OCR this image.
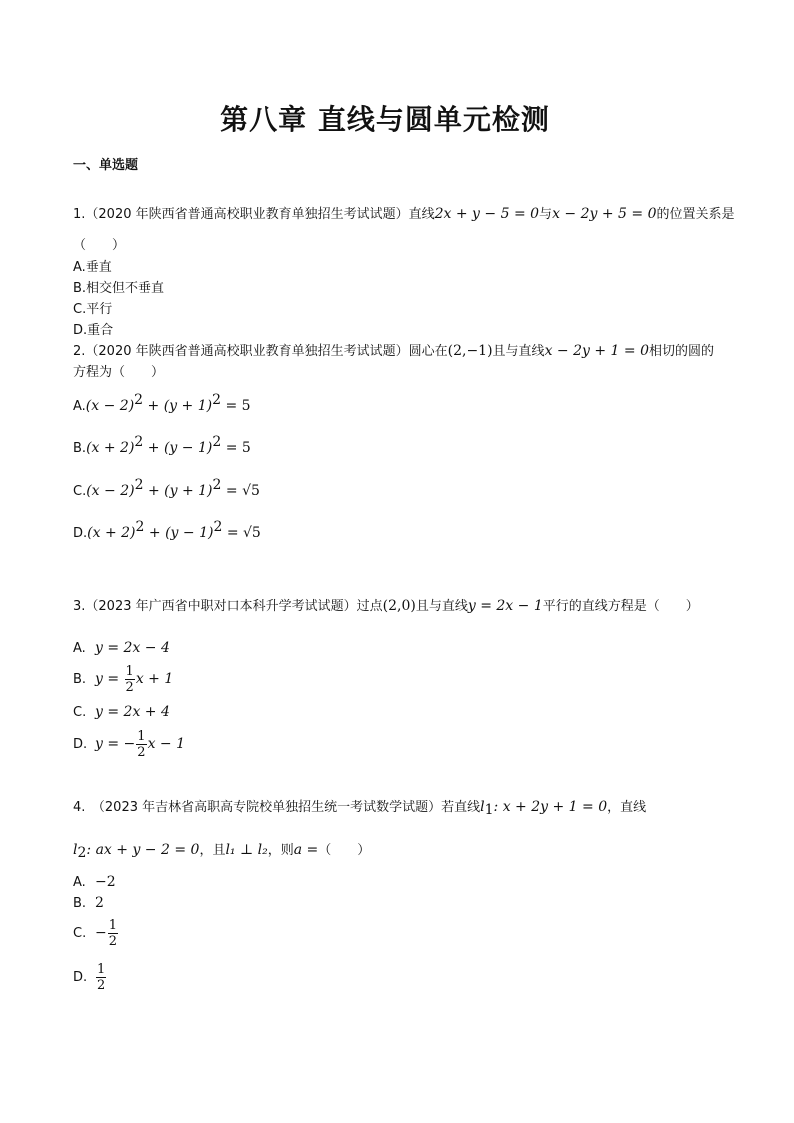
第八章 直线与圆单元检测
一、单选题
1.（2020 年陕西省普通高校职业教育单独招生考试试题）直线2x + y − 5 = 0与x − 2y + 5 = 0的位置关系是
（　　）
A.垂直
B.相交但不垂直
C.平行
D.重合
2.（2020 年陕西省普通高校职业教育单独招生考试试题）圆心在(2,−1)且与直线x − 2y + 1 = 0相切的圆的
方程为（　　）
$A.(x - 2)^2 + (y + 1)^2 = 5$
$B.(x + 2)^2 + (y - 1)^2 = 5$
$C.(x - 2)^2 + (y + 1)^2 = √5$
$D.(x + 2)^2 + (y - 1)^2 = √5$
3.（2023 年广西省中职对口本科升学考试试题）过点(2,0)且与直线y = 2x − 1平行的直线方程是（　　）
A. y = 2x − 4
B. $y = \frac{1}{2}$ x + 1
C. y = 2x + 4
D. y = − $\frac{1}{2}$ x − 1
4.　（2023 年吉林省高职高专院校单独招生统一考试数学试题）若直线$l_1$: x + 2y + 1 = 0，直线
$l_2$: ax + y − 2 = 0，且l₁ ⊥ l₂，则a =（　　）
A. −2
B. 2
C. − $\frac{1}{2}$
D. $\frac{1}{2}$
